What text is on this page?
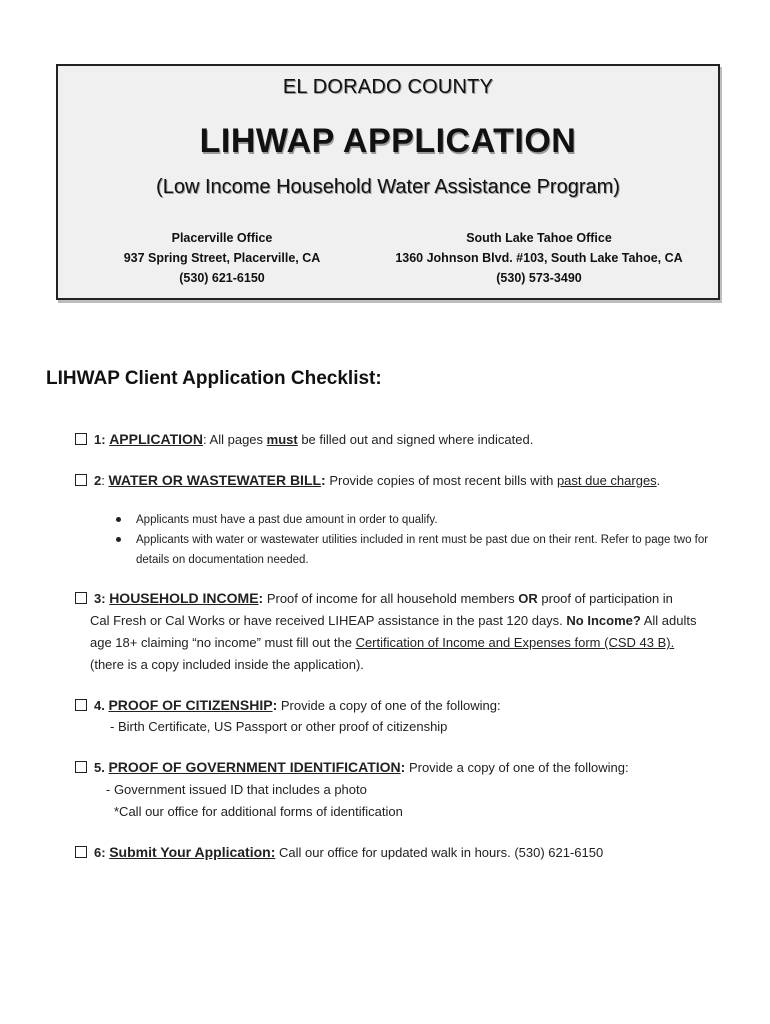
EL DORADO COUNTY
LIHWAP APPLICATION
(Low Income Household Water Assistance Program)
Placerville Office
937 Spring Street, Placerville, CA
(530) 621-6150
South Lake Tahoe Office
1360 Johnson Blvd. #103, South Lake Tahoe, CA
(530) 573-3490
LIHWAP Client Application Checklist:
1: APPLICATION: All pages must be filled out and signed where indicated.
2: WATER OR WASTEWATER BILL: Provide copies of most recent bills with past due charges.
Applicants must have a past due amount in order to qualify.
Applicants with water or wastewater utilities included in rent must be past due on their rent. Refer to page two for details on documentation needed.
3: HOUSEHOLD INCOME: Proof of income for all household members OR proof of participation in
Cal Fresh or Cal Works or have received LIHEAP assistance in the past 120 days. No Income? All adults
age 18+ claiming “no income” must fill out the Certification of Income and Expenses form (CSD 43 B).
(there is a copy included inside the application).
4. PROOF OF CITIZENSHIP: Provide a copy of one of the following:
- Birth Certificate, US Passport or other proof of citizenship
5. PROOF OF GOVERNMENT IDENTIFICATION: Provide a copy of one of the following:
- Government issued ID that includes a photo
*Call our office for additional forms of identification
6: Submit Your Application: Call our office for updated walk in hours. (530) 621-6150
